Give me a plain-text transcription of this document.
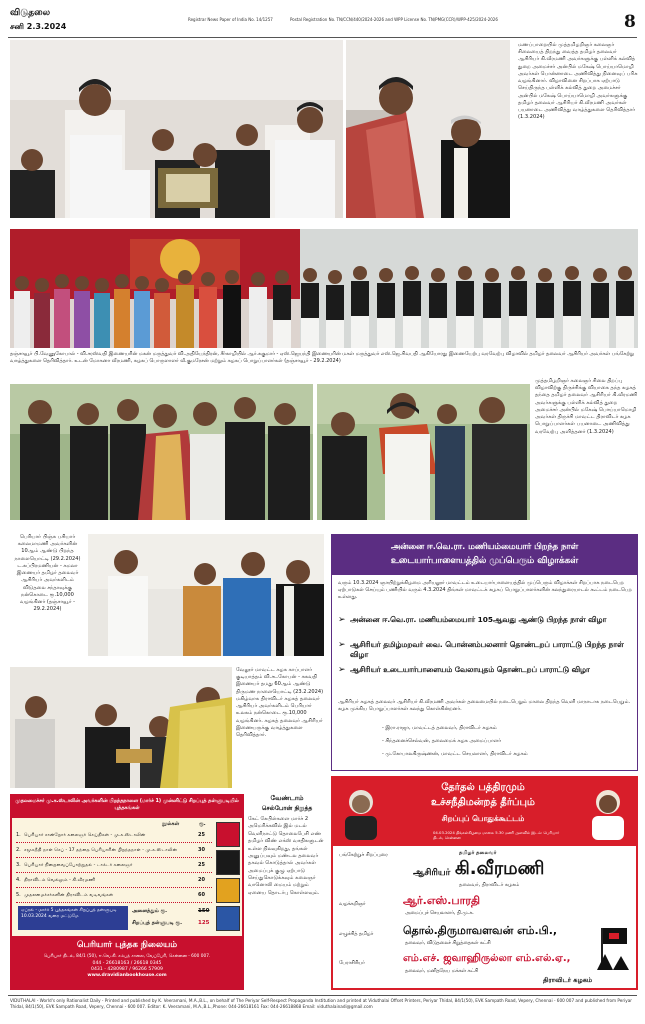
விடுதலை
சனி 2.3.2024
Registrar News Paper of India No. 14/1257	Postal Registration No. TN/CCN/440/2024-2026 and WPP License No. TN/PMG(CCR)/WPP-425/2024-2026	8
மணப்பாறையில் முத்தமிழறிஞர் கலைஞர் சிலையைத் திறந்து வைத்த தமிழர் தலைவர் ஆசிரியர் கி.வீரமணி அவர்களுக்கு பள்ளிக் கல்வித் துறை அமைச்சர் அன்பில் மகேஷ் பொய்யாமொழி அவர்கள் பொன்னாடை அணிவித்து நினைவுப் பரிசு வழங்கினார். விழாவினை சிறப்பாக ஏற்பாடு செய்திருந்த பள்ளிக் கல்வித் துறை அமைச்சர் அன்பில் மகேஷ் பொய்யாமொழி அவர்களுக்கு தமிழர் தலைவர் ஆசிரியர் கி.வீரமணி அவர்கள் பயனாடை அணிவித்து வாழ்த்துகளை தெரிவித்தார் (1.3.2024)
தஞ்சாவூர் பி.வேணுகோபால் - வி.சரஸ்வதி இணையரின் மகன் மருத்துவர் வி.அதியேந்திரன், சீர்காழியில் ஆர்.சுகுமார் - ஏஸ்.ஜெயந்தி இணையரின் மகள் மருத்துவர் எஸ்.ஜெ.சிவபதி ஆகியோரது இணையேற்பு வரவேற்பு விழாவில் தமிழர் தலைவர் ஆசிரியர் அவர்கள் பங்கேற்று வாழ்த்துகளை தெரிவித்தார். உடன் மோகனா வீரமணி, கழகப் பொருளாளர் வீ.குமரேசன் மற்றும் கழகப் பொறுப்பாளர்கள் (தஞ்சாவூர் - 29.2.2024)
முத்தமிழறிஞர் கலைஞர் சிலை திறப்பு விழாவிற்கு திருச்சிக்கு வியாகை தந்த கழகத் தந்தை தமிழர் தலைவர் ஆசிரியர் கி.வீரமணி அவர்களுக்கு பள்ளிக் கல்வித் துறை அமைச்சர் அன்பில் மகேஷ் பொய்யாமொழி அவர்கள் திருச்சி மாவட்ட திராவிடர் கழக பொறுப்பாளர்கள் பயனாடை அணிவித்து வரவேற்பு அளித்தனர் (1.3.2024)
பெரியார் பிஞ்சு பசியார் கலைமாமணி அவர்களின் 10ஆம் ஆண்டு பிறந்த நாளையொட்டி (29.2.2024) ட.கப்பிரமணியன் - கமலா இணையர் தமிழர் தலைவர் ஆசிரியர் அவர்களிடம் விடுதலை சந்தாவுக்கு நன்கொடை ரூ.10,000 வழங்கினர் (தஞ்சாவூர் - 29.2.2024)
வேலூர் மாவட்ட கழக காப்பாளர் குடியாத்தம் வி.சடகோபன் - சுகவதி இணையர் தமது 60ஆம் ஆண்டு திருமண நாளையொட்டி (23.2.2024) மகிழ்வாக திராவிடர் கழகத் தலைவர் ஆசிரியர் அவர்களிடம் பெரியார் உலகம் நன்கொடை ரூ.10,000 வழங்கினர். கழகத் தலைவர் ஆசிரியர் இணையருக்கு வாழ்த்துகளை தெரிவித்தார்.
அன்னை ஈ.வெ.ரா. மணியம்மையார் பிறந்த நாள்
உடையார்பாளையத்தில் முப்பெரும் விழாக்கள்
வரும் 10.3.2024 ஞாயிற்றுக்கிழமை அரியலூர் மாவட்டம் உடையார்பாளையத்தில் முப்பெரும் விழாக்கள் சிறப்பாக நடைபெற ஏற்பாடுகள் செய்யும் பணியில் வரும் 4.3.2024 திங்கள் மாவட்டக் கழகப் பொறுப்பாளர்களின் கலந்துரையாடல் கூட்டம் நடைபெற உள்ளது.
➢ அன்னை ஈ.வெ.ரா. மணியம்மையார் 105ஆவது ஆண்டு பிறந்த நாள் விழா
➢ ஆசிரியர் தமிழ்மறவர் வை. பொன்னம்பலனார் தொண்டறப் பாராட்டு பிறந்த நாள் விழா
➢ ஆசிரியர் உடையார்பாளையம் வேலாயுதம் தொண்டறப் பாராட்டு விழா
ஆசிரியர் கழகத் தலைவர் ஆசிரியர் கி.வீரமணி அவர்கள் தலைமையில் நடைபெறும் மாலை திறந்த வெளி மாநாடாக நடைபெறும். கழக முக்கிய பொறுப்பாளர்கள் கலந்து கொள்கின்றனர்.
- இரா.ராஜா, மாவட்டத் தலைவர், திராவிடர் கழகம்
- சிந்தனைச்செல்வன், தலைமைக் கழக அமைப்பாளர்
- மு.கோபாலகிருஷ்ணன், மாவட்ட செயலாளர், திராவிடர் கழகம்
முதலமைச்சர் மு.க.ஸ்டாலின் அவர்களின் பிறந்தநாளை (மார்ச் 1) முன்னிட்டு சிறப்புத் தள்ளுபடியில் புத்தகங்கள்
நூல்கள்	ரூ.
1. பெரியார் சான்றோர் கலைஞர் செய்திகள் - மு.க.ஸ்டாலின்	25
2. சமூகநீதி நாள் செப் - 17 தந்தை பெரியாரின் பிறந்தநாள் - மு.க.ஸ்டாலின்	30
3. பெரியார் நிறைவைப்போற்றுதல் - டாக்டர் கலைஞர்	25
4. திராவிடம் வெல்லும் - கி.வீரமணி	20
5. முதலமைச்சர்களின் திராவிடம் வடிவங்கள்	60
ஏப்ரல் - மார்ச் 5 புத்தகங்கள் சிறப்புத் தள்ளுபடி 10.03.2024 வரை மட்டுமே
அனைத்தும் ரூ.	150
சிறப்புத் தள்ளுபடி ரூ.	125
பெரியார் புத்தக நிலையம்
பெரியார் திடல், 84/1 (50), ஈ.வெ.கி. சம்பத் சாலை, வேப்பேரி, சென்னை - 600 007.
044 - 26618163 / 26618 0345
0431 - 4280987 / 96266 57909
www.dravidianbookhouse.com
வேண்டாம்
செல்போன் நிறுத்த
கேட் கேபிள்களை மார்ச் 2 அமெரிக்கவில் இல் மடல் வெளிநாட்டு தொலைபேசி எண் தமிழர் விண் எக்ஸ் வசதிகளுடன் உள்ள நிலவுகிறது, தங்கள் அனுப்பவும் மண்டல தலைவர் தகவல் கொடுத்தால் அவர்கள் அமைப்புக் குழு ஏற்பாடு செய்துகொடுக்கவும் கலைஞர் வானொலி மையம் மற்றும் ஏனைய தொடர்பு கொள்ளவும்.
தேர்தல் பத்திரமும்
உச்சநீதிமன்றத் தீர்ப்பும்
சிறப்புப் பொதுக்கூட்டம்
04.03.2024 திங்கள்கிழமை மாலை 5.30 மணி அளவில் இடம்: பெரியார் திடல், சென்னை
பங்கேற்றுச் சிறப்புரை	தமிழர் தலைவர்
ஆசிரியர் கி.வீரமணி
தலைவர், திராவிடர் கழகம்
வழக்கறிஞர்	ஆர்.எஸ்.பாரதி
அமைப்புச் செயலாளர், தி.மு.க.
எழுச்சித் தமிழர்	தொல்.திருமாவளவன் எம்.பி.,
தலைவர், விடுதலைச் சிறுத்தைகள் கட்சி
பேராசிரியர்	எம்.எச். ஜவாஹிருல்லா எம்.எல்.ஏ.,
தலைவர், மனிதநேய மக்கள் கட்சி
திராவிடர் கழகம்
VIDUTHALAI - World's only Rationalist Daily - Printed and published by K. Veeramani, M.A.,B.L., on behalf of The Periyar Self-Respect Propaganda Institution and printed at Viduthalai Offset Printers, Periyar Thidal, 84/1(50), EVK Sampath Road, Vepery, Chennai - 600 007 and published from Periyar Thidal, 84/1(50), EVK Sampath Road, Vepery, Chennai - 600 007. Editor: K. Veeramani, M.A.,B.L.,Phone: 044-26618161 Fax: 044-26618868 Email: viduthalainadi@gmail.com
